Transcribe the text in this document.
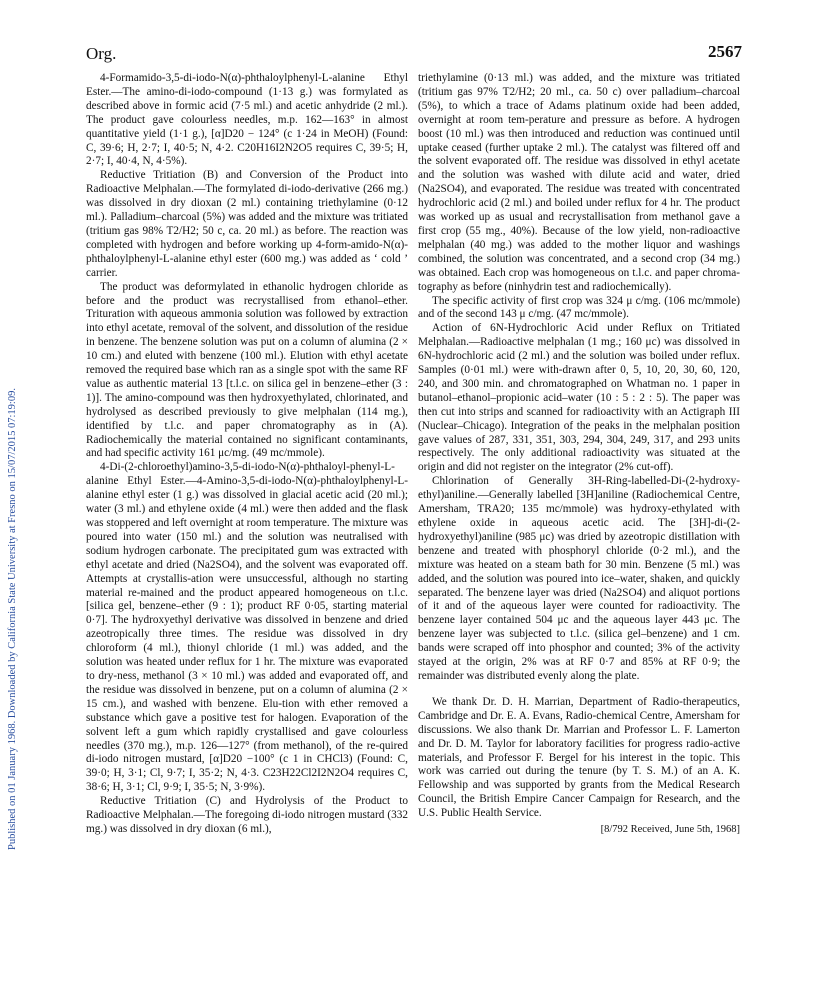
Published on 01 January 1968. Downloaded by California State University at Fresno on 15/07/2015 07:19:09.
Org.	2567

4-Formamido-3,5-di-iodo-N(α)-phthaloylphenyl-L-alanine Ethyl Ester.—The amino-di-iodo-compound (1·13 g.) was formylated as described above in formic acid (7·5 ml.) and acetic anhydride (2 ml.). The product gave colourless needles, m.p. 162—163° in almost quantitative yield (1·1 g.), [α]D20 − 124° (c 1·24 in MeOH) (Found: C, 39·6; H, 2·7; I, 40·5; N, 4·2. C20H16I2N2O5 requires C, 39·5; H, 2·7; I, 40·4, N, 4·5%).

Reductive Tritiation (B) and Conversion of the Product into Radioactive Melphalan.—The formylated di-iodo-derivative (266 mg.) was dissolved in dry dioxan (2 ml.) containing triethylamine (0·12 ml.). Palladium–charcoal (5%) was added and the mixture was tritiated (tritium gas 98% T2/H2; 50 c, ca. 20 ml.) as before. The reaction was completed with hydrogen and before working up 4-form-amido-N(α)-phthaloylphenyl-L-alanine ethyl ester (600 mg.) was added as ‘ cold ’ carrier.

The product was deformylated in ethanolic hydrogen chloride as before and the product was recrystallised from ethanol–ether. Trituration with aqueous ammonia solution was followed by extraction into ethyl acetate, removal of the solvent, and dissolution of the residue in benzene. The benzene solution was put on a column of alumina (2 × 10 cm.) and eluted with benzene (100 ml.). Elution with ethyl acetate removed the required base which ran as a single spot with the same RF value as authentic material 13 [t.l.c. on silica gel in benzene–ether (3 : 1)]. The amino-compound was then hydroxyethylated, chlorinated, and hydrolysed as described previously to give melphalan (114 mg.), identified by t.l.c. and paper chromatography as in (A). Radiochemically the material contained no significant contaminants, and had specific activity 161 μc/mg. (49 mc/mmole).

4-Di-(2-chloroethyl)amino-3,5-di-iodo-N(α)-phthaloyl-phenyl-L-alanine Ethyl Ester.—4-Amino-3,5-di-iodo-N(α)-phthaloylphenyl-L-alanine ethyl ester (1 g.) was dissolved in glacial acetic acid (20 ml.); water (3 ml.) and ethylene oxide (4 ml.) were then added and the flask was stoppered and left overnight at room temperature. The mixture was poured into water (150 ml.) and the solution was neutralised with sodium hydrogen carbonate. The precipitated gum was extracted with ethyl acetate and dried (Na2SO4), and the solvent was evaporated off. Attempts at crystallis-ation were unsuccessful, although no starting material re-mained and the product appeared homogeneous on t.l.c. [silica gel, benzene–ether (9 : 1); product RF 0·05, starting material 0·7]. The hydroxyethyl derivative was dissolved in benzene and dried azeotropically three times. The residue was dissolved in dry chloroform (4 ml.), thionyl chloride (1 ml.) was added, and the solution was heated under reflux for 1 hr. The mixture was evaporated to dry-ness, methanol (3 × 10 ml.) was added and evaporated off, and the residue was dissolved in benzene, put on a column of alumina (2 × 15 cm.), and washed with benzene. Elu-tion with ether removed a substance which gave a positive test for halogen. Evaporation of the solvent left a gum which rapidly crystallised and gave colourless needles (370 mg.), m.p. 126—127° (from methanol), of the re-quired di-iodo nitrogen mustard, [α]D20 −100° (c 1 in CHCl3) (Found: C, 39·0; H, 3·1; Cl, 9·7; I, 35·2; N, 4·3. C23H22Cl2I2N2O4 requires C, 38·6; H, 3·1; Cl, 9·9; I, 35·5; N, 3·9%).

Reductive Tritiation (C) and Hydrolysis of the Product to Radioactive Melphalan.—The foregoing di-iodo nitrogen mustard (332 mg.) was dissolved in dry dioxan (6 ml.),

triethylamine (0·13 ml.) was added, and the mixture was tritiated (tritium gas 97% T2/H2; 20 ml., ca. 50 c) over palladium–charcoal (5%), to which a trace of Adams platinum oxide had been added, overnight at room tem-perature and pressure as before. A hydrogen boost (10 ml.) was then introduced and reduction was continued until uptake ceased (further uptake 2 ml.). The catalyst was filtered off and the solvent evaporated off. The residue was dissolved in ethyl acetate and the solution was washed with dilute acid and water, dried (Na2SO4), and evaporated. The residue was treated with concentrated hydrochloric acid (2 ml.) and boiled under reflux for 4 hr. The product was worked up as usual and recrystallisation from methanol gave a first crop (55 mg., 40%). Because of the low yield, non-radioactive melphalan (40 mg.) was added to the mother liquor and washings combined, the solution was concentrated, and a second crop (34 mg.) was obtained. Each crop was homogeneous on t.l.c. and paper chroma-tography as before (ninhydrin test and radiochemically).

The specific activity of first crop was 324 μ c/mg. (106 mc/mmole) and of the second 143 μ c/mg. (47 mc/mmole).

Action of 6N-Hydrochloric Acid under Reflux on Tritiated Melphalan.—Radioactive melphalan (1 mg.; 160 μc) was dissolved in 6N-hydrochloric acid (2 ml.) and the solution was boiled under reflux. Samples (0·01 ml.) were with-drawn after 0, 5, 10, 20, 30, 60, 120, 240, and 300 min. and chromatographed on Whatman no. 1 paper in butanol–ethanol–propionic acid–water (10 : 5 : 2 : 5). The paper was then cut into strips and scanned for radioactivity with an Actigraph III (Nuclear–Chicago). Integration of the peaks in the melphalan position gave values of 287, 331, 351, 303, 294, 304, 249, 317, and 293 units respectively. The only additional radioactivity was situated at the origin and did not register on the integrator (2% cut-off).

Chlorination of Generally 3H-Ring-labelled-Di-(2-hydroxy-ethyl)aniline.—Generally labelled [3H]aniline (Radiochemical Centre, Amersham, TRA20; 135 mc/mmole) was hydroxy-ethylated with ethylene oxide in aqueous acetic acid. The [3H]-di-(2-hydroxyethyl)aniline (985 μc) was dried by azeotropic distillation with benzene and treated with phosphoryl chloride (0·2 ml.), and the mixture was heated on a steam bath for 30 min. Benzene (5 ml.) was added, and the solution was poured into ice–water, shaken, and quickly separated. The benzene layer was dried (Na2SO4) and aliquot portions of it and of the aqueous layer were counted for radioactivity. The benzene layer contained 504 μc and the aqueous layer 443 μc. The benzene layer was subjected to t.l.c. (silica gel–benzene) and 1 cm. bands were scraped off into phosphor and counted; 3% of the activity stayed at the origin, 2% was at RF 0·7 and 85% at RF 0·9; the remainder was distributed evenly along the plate.

We thank Dr. D. H. Marrian, Department of Radio-therapeutics, Cambridge and Dr. E. A. Evans, Radio-chemical Centre, Amersham for discussions. We also thank Dr. Marrian and Professor L. F. Lamerton and Dr. D. M. Taylor for laboratory facilities for progress radio-active materials, and Professor F. Bergel for his interest in the topic. This work was carried out during the tenure (by T. S. M.) of an A. K. Fellowship and was supported by grants from the Medical Research Council, the British Empire Cancer Campaign for Research, and the U.S. Public Health Service.

[8/792 Received, June 5th, 1968]
